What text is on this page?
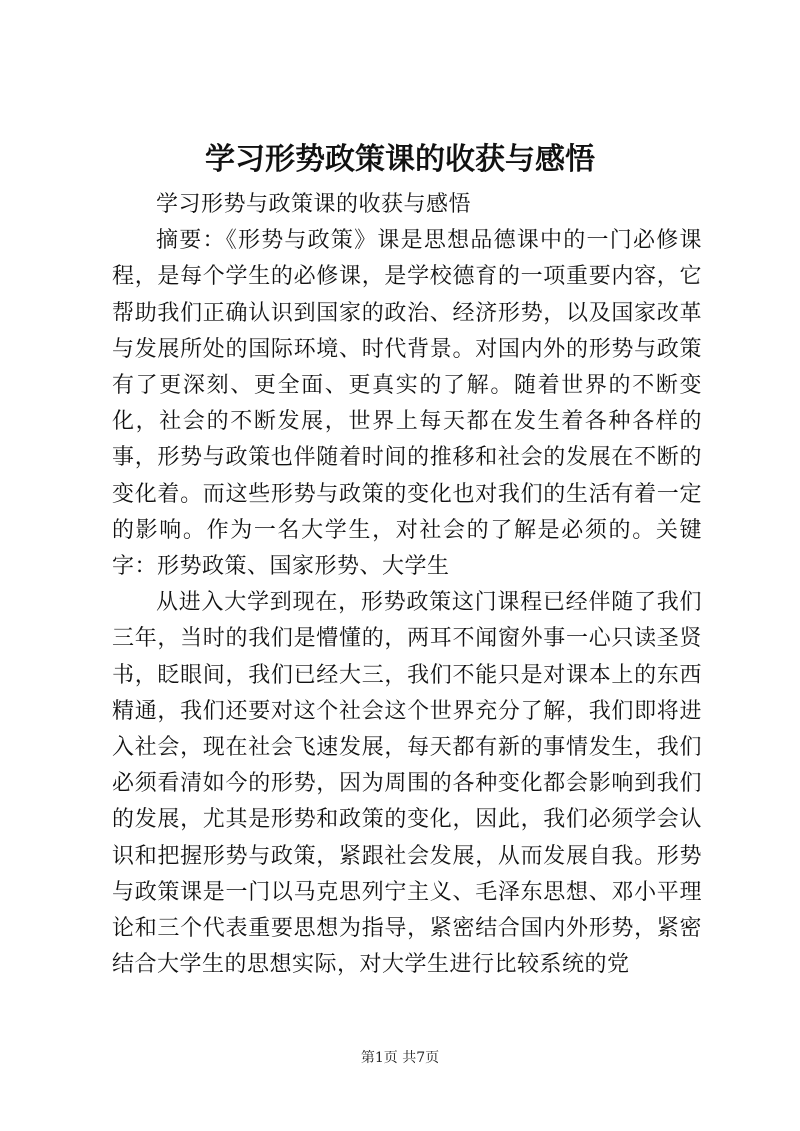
学习形势政策课的收获与感悟

学习形势与政策课的收获与感悟

摘要：《形势与政策》课是思想品德课中的一门必修课程，是每个学生的必修课，是学校德育的一项重要内容，它帮助我们正确认识到国家的政治、经济形势，以及国家改革与发展所处的国际环境、时代背景。对国内外的形势与政策有了更深刻、更全面、更真实的了解。随着世界的不断变化，社会的不断发展，世界上每天都在发生着各种各样的事，形势与政策也伴随着时间的推移和社会的发展在不断的变化着。而这些形势与政策的变化也对我们的生活有着一定的影响。作为一名大学生，对社会的了解是必须的。关键字：形势政策、国家形势、大学生

从进入大学到现在，形势政策这门课程已经伴随了我们三年，当时的我们是懵懂的，两耳不闻窗外事一心只读圣贤书，眨眼间，我们已经大三，我们不能只是对课本上的东西精通，我们还要对这个社会这个世界充分了解，我们即将进入社会，现在社会飞速发展，每天都有新的事情发生，我们必须看清如今的形势，因为周围的各种变化都会影响到我们的发展，尤其是形势和政策的变化，因此，我们必须学会认识和把握形势与政策，紧跟社会发展，从而发展自我。形势与政策课是一门以马克思列宁主义、毛泽东思想、邓小平理论和三个代表重要思想为指导，紧密结合国内外形势，紧密结合大学生的思想实际，对大学生进行比较系统的党

第1页 共7页
